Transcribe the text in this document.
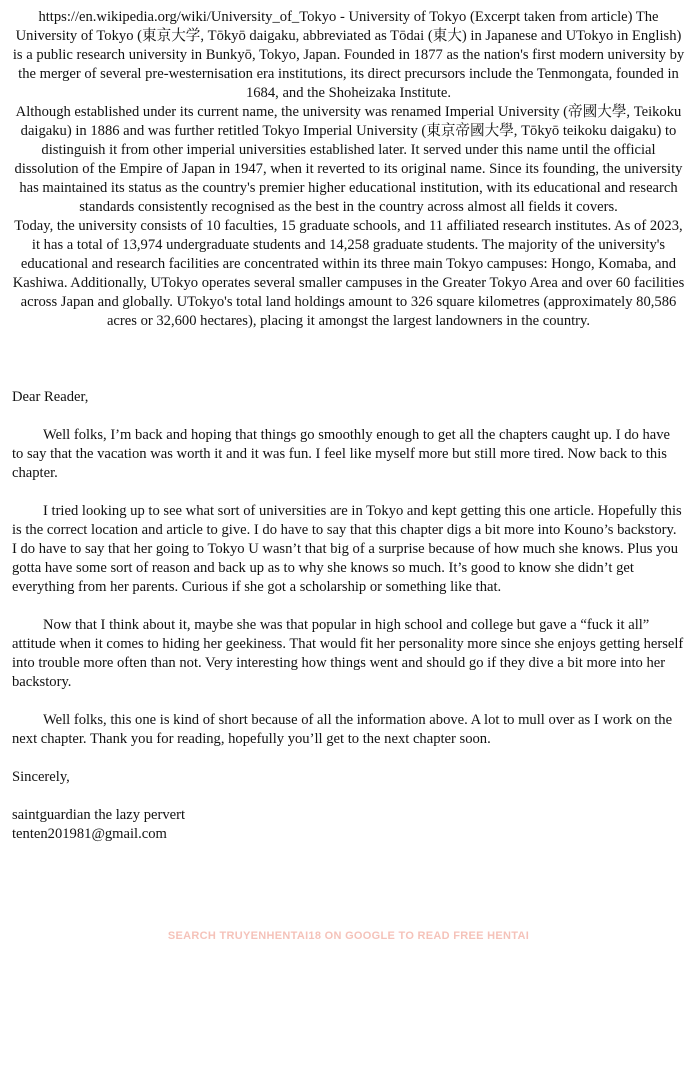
https://en.wikipedia.org/wiki/University_of_Tokyo - University of Tokyo (Excerpt taken from article) The University of Tokyo (東京大学, Tōkyō daigaku, abbreviated as Tōdai (東大) in Japanese and UTokyo in English) is a public research university in Bunkyō, Tokyo, Japan. Founded in 1877 as the nation's first modern university by the merger of several pre-westernisation era institutions, its direct precursors include the Tenmongata, founded in 1684, and the Shoheizaka Institute.

Although established under its current name, the university was renamed Imperial University (帝國大學, Teikoku daigaku) in 1886 and was further retitled Tokyo Imperial University (東京帝國大學, Tōkyō teikoku daigaku) to distinguish it from other imperial universities established later. It served under this name until the official dissolution of the Empire of Japan in 1947, when it reverted to its original name. Since its founding, the university has maintained its status as the country's premier higher educational institution, with its educational and research standards consistently recognised as the best in the country across almost all fields it covers.

Today, the university consists of 10 faculties, 15 graduate schools, and 11 affiliated research institutes. As of 2023, it has a total of 13,974 undergraduate students and 14,258 graduate students. The majority of the university's educational and research facilities are concentrated within its three main Tokyo campuses: Hongo, Komaba, and Kashiwa. Additionally, UTokyo operates several smaller campuses in the Greater Tokyo Area and over 60 facilities across Japan and globally. UTokyo's total land holdings amount to 326 square kilometres (approximately 80,586 acres or 32,600 hectares), placing it amongst the largest landowners in the country.

Dear Reader,

Well folks, I’m back and hoping that things go smoothly enough to get all the chapters caught up. I do have to say that the vacation was worth it and it was fun. I feel like myself more but still more tired. Now back to this chapter.

I tried looking up to see what sort of universities are in Tokyo and kept getting this one article. Hopefully this is the correct location and article to give. I do have to say that this chapter digs a bit more into Kouno’s backstory. I do have to say that her going to Tokyo U wasn’t that big of a surprise because of how much she knows. Plus you gotta have some sort of reason and back up as to why she knows so much. It’s good to know she didn’t get everything from her parents. Curious if she got a scholarship or something like that.

Now that I think about it, maybe she was that popular in high school and college but gave a “fuck it all” attitude when it comes to hiding her geekiness. That would fit her personality more since she enjoys getting herself into trouble more often than not. Very interesting how things went and should go if they dive a bit more into her backstory.

Well folks, this one is kind of short because of all the information above. A lot to mull over as I work on the next chapter. Thank you for reading, hopefully you’ll get to the next chapter soon.

Sincerely,

saintguardian the lazy pervert

tenten201981@gmail.com

SEARCH TRUYENHENTAI18 ON GOOGLE TO READ FREE HENTAI
